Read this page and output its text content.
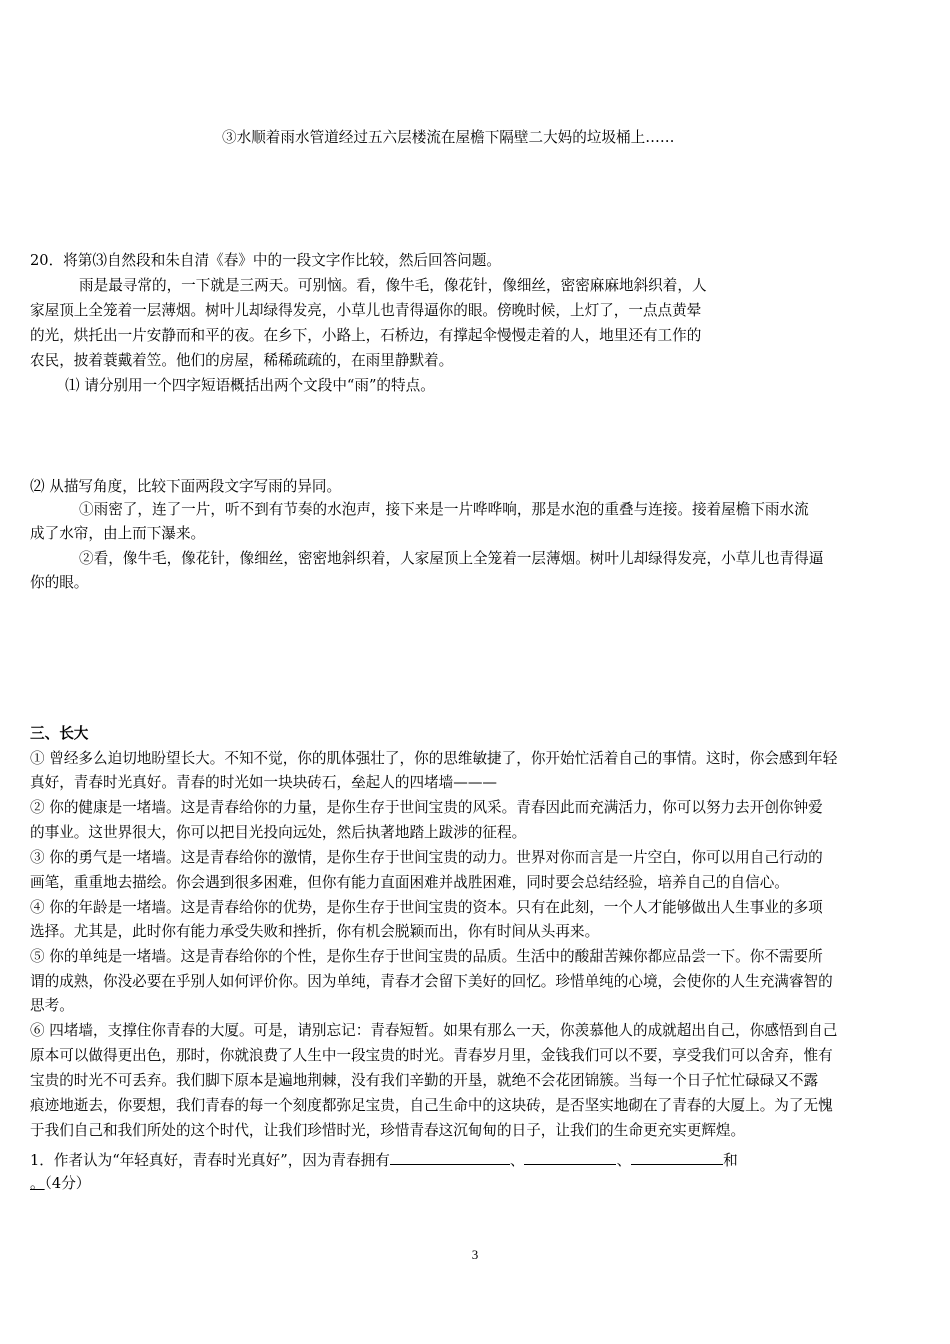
③水顺着雨水管道经过五六层楼流在屋檐下隔壁二大妈的垃圾桶上……
20．将第⑶自然段和朱自清《春》中的一段文字作比较，然后回答问题。
雨是最寻常的，一下就是三两天。可别恼。看，像牛毛，像花针，像细丝，密密麻麻地斜织着，人
家屋顶上全笼着一层薄烟。树叶儿却绿得发亮，小草儿也青得逼你的眼。傍晚时候，上灯了，一点点黄晕
的光，烘托出一片安静而和平的夜。在乡下，小路上，石桥边，有撑起伞慢慢走着的人，地里还有工作的
农民，披着蓑戴着笠。他们的房屋，稀稀疏疏的，在雨里静默着。
⑴ 请分别用一个四字短语概括出两个文段中“雨”的特点。
⑵ 从描写角度，比较下面两段文字写雨的异同。
①雨密了，连了一片，听不到有节奏的水泡声，接下来是一片哗哗响，那是水泡的重叠与连接。接着屋檐下雨水流
成了水帘，由上而下瀑来。
②看，像牛毛，像花针，像细丝，密密地斜织着，人家屋顶上全笼着一层薄烟。树叶儿却绿得发亮，小草儿也青得逼
你的眼。
三、长大
① 曾经多么迫切地盼望长大。不知不觉，你的肌体强壮了，你的思维敏捷了，你开始忙活着自己的事情。这时，你会感到年轻
真好，青春时光真好。青春的时光如一块块砖石，垒起人的四堵墙———
② 你的健康是一堵墙。这是青春给你的力量，是你生存于世间宝贵的风采。青春因此而充满活力，你可以努力去开创你钟爱
的事业。这世界很大，你可以把目光投向远处，然后执著地踏上跋涉的征程。
③ 你的勇气是一堵墙。这是青春给你的激情，是你生存于世间宝贵的动力。世界对你而言是一片空白，你可以用自己行动的
画笔，重重地去描绘。你会遇到很多困难，但你有能力直面困难并战胜困难，同时要会总结经验，培养自己的自信心。
④ 你的年龄是一堵墙。这是青春给你的优势，是你生存于世间宝贵的资本。只有在此刻，一个人才能够做出人生事业的多项
选择。尤其是，此时你有能力承受失败和挫折，你有机会脱颖而出，你有时间从头再来。
⑤ 你的单纯是一堵墙。这是青春给你的个性，是你生存于世间宝贵的品质。生活中的酸甜苦辣你都应品尝一下。你不需要所
谓的成熟，你没必要在乎别人如何评价你。因为单纯，青春才会留下美好的回忆。珍惜单纯的心境，会使你的人生充满睿智的
思考。
⑥ 四堵墙，支撑住你青春的大厦。可是，请别忘记：青春短暂。如果有那么一天，你羡慕他人的成就超出自己，你感悟到自己
原本可以做得更出色，那时，你就浪费了人生中一段宝贵的时光。青春岁月里，金钱我们可以不要，享受我们可以舍弃，惟有
宝贵的时光不可丢弃。我们脚下原本是遍地荆棘，没有我们辛勤的开垦，就绝不会花团锦簇。当每一个日子忙忙碌碌又不露
痕迹地逝去，你要想，我们青春的每一个刻度都弥足宝贵，自己生命中的这块砖，是否坚实地砌在了青春的大厦上。为了无愧
于我们自己和我们所处的这个时代，让我们珍惜时光，珍惜青春这沉甸甸的日子，让我们的生命更充实更辉煌。
1．作者认为“年轻真好，青春时光真好”，因为青春拥有	、	、	和
。（4分）
3
